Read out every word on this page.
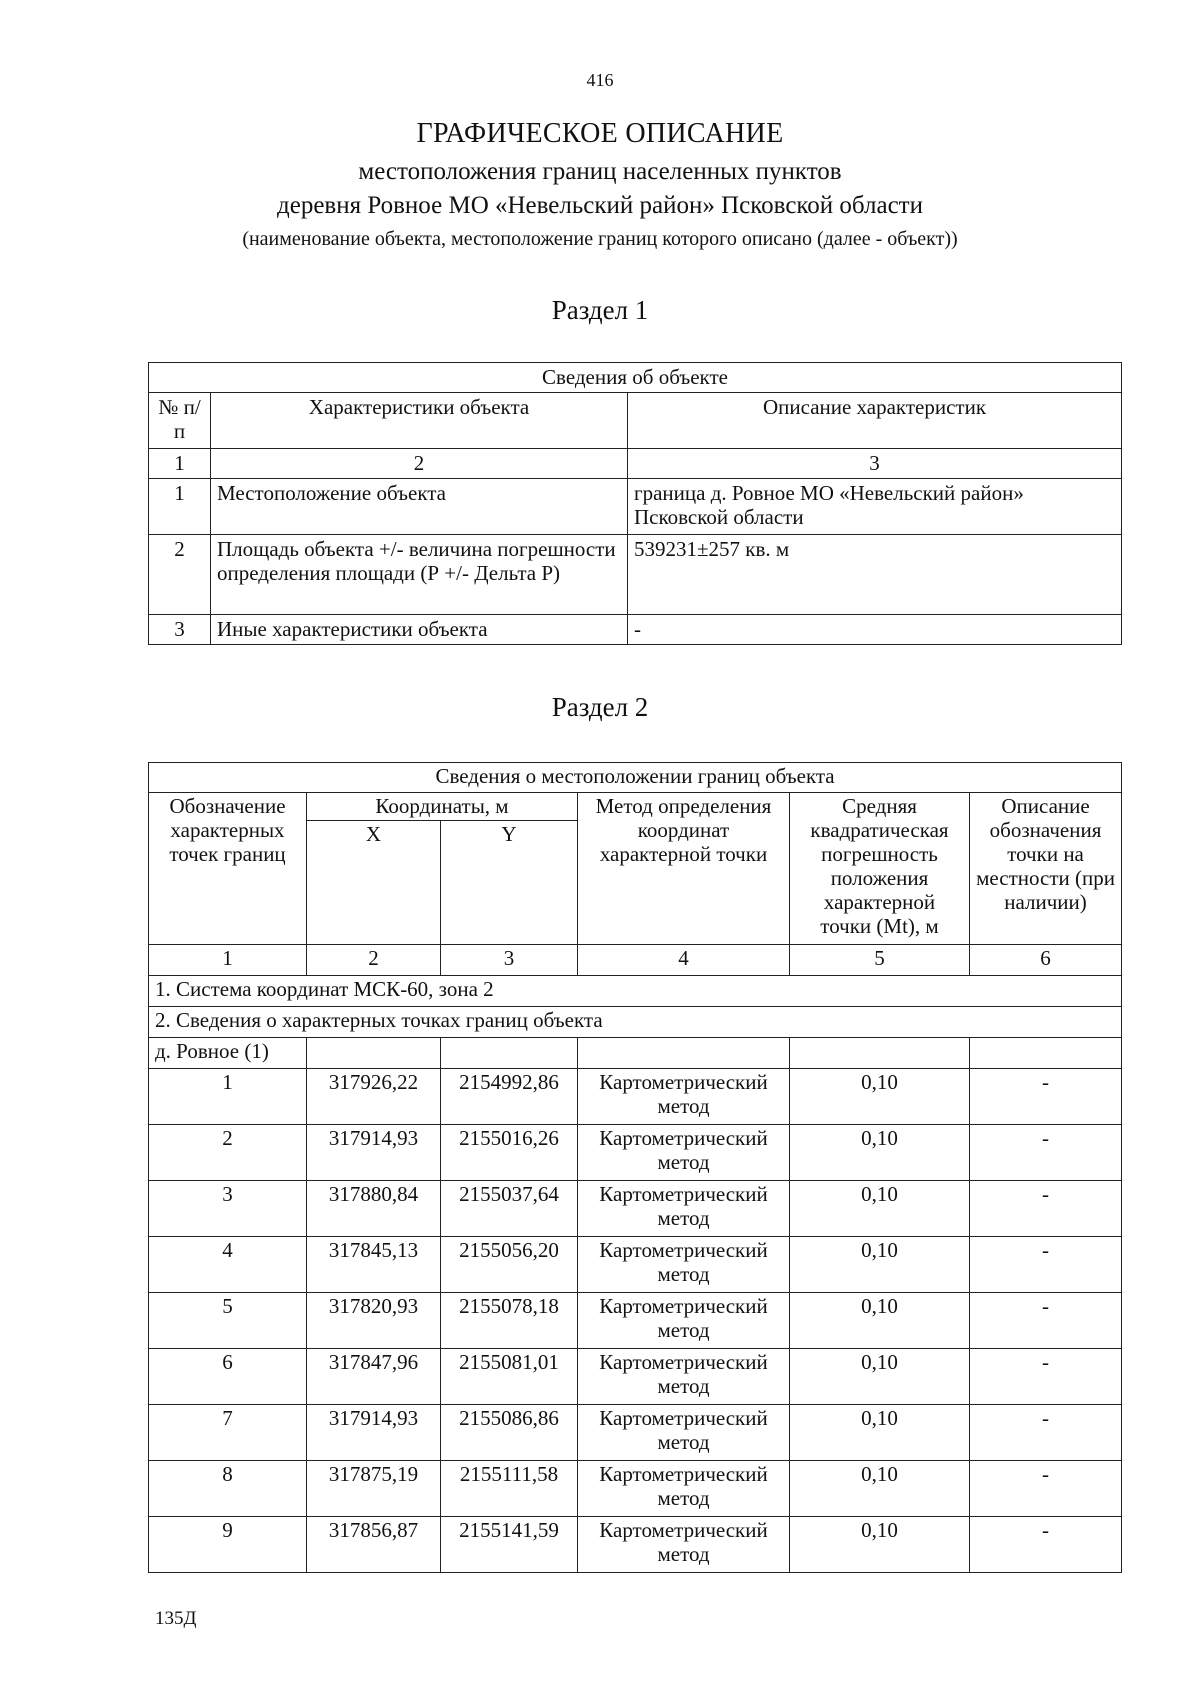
416
ГРАФИЧЕСКОЕ ОПИСАНИЕ
местоположения границ населенных пунктов
деревня Ровное МО «Невельский район» Псковской области
(наименование объекта, местоположение границ которого описано (далее - объект))
Раздел 1
Сведения об объекте		
№ п/п	Характеристики объекта	Описание характеристик
1	2	3
1	Местоположение объекта	граница д. Ровное МО «Невельский район» Псковской области
2	Площадь объекта +/- величина погрешности определения площади (Р +/- Дельта Р)	539231±257 кв. м
3	Иные характеристики объекта	-
Раздел 2
Сведения о местоположении границ объекта					
Обозначение характерных точек границ	Координаты, м		Метод определения координат характерной точки	Средняя квадратическая погрешность положения характерной точки (Mt), м	Описание обозначения точки на местности (при наличии)
	X	Y			
1	2	3	4	5	6
1. Система координат МСК-60, зона 2					
2. Сведения о характерных точках границ объекта					
д. Ровное (1)					
1	317926,22	2154992,86	Картометрический метод	0,10	-
2	317914,93	2155016,26	Картометрический метод	0,10	-
3	317880,84	2155037,64	Картометрический метод	0,10	-
4	317845,13	2155056,20	Картометрический метод	0,10	-
5	317820,93	2155078,18	Картометрический метод	0,10	-
6	317847,96	2155081,01	Картометрический метод	0,10	-
7	317914,93	2155086,86	Картометрический метод	0,10	-
8	317875,19	2155111,58	Картометрический метод	0,10	-
9	317856,87	2155141,59	Картометрический метод	0,10	-
135Д
